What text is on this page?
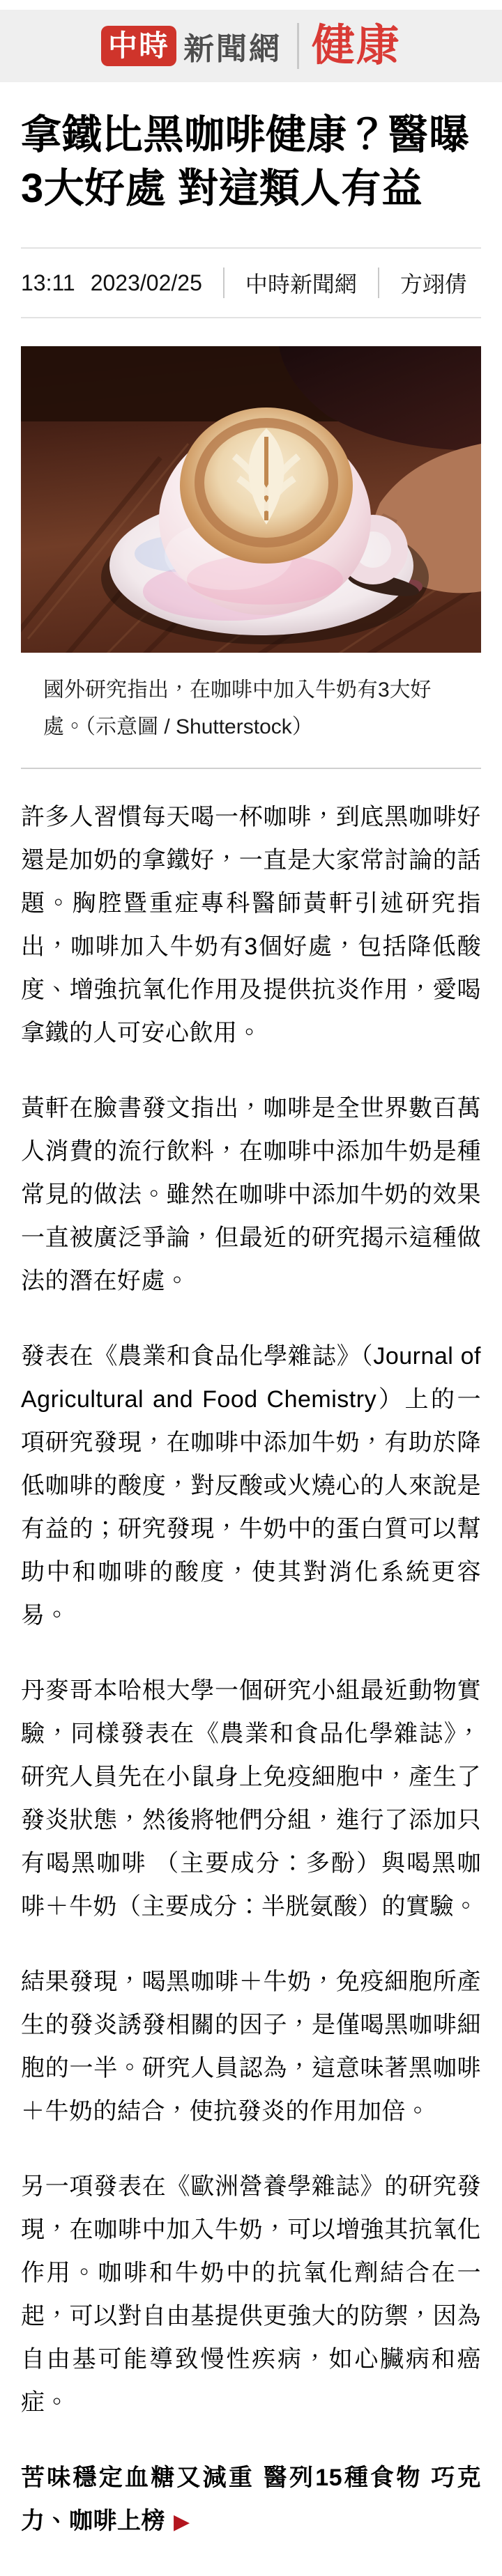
中時 新聞網 健康
拿鐵比黑咖啡健康？醫曝3大好處 對這類人有益
13:11 2023/02/25 中時新聞網 方翊倩
國外研究指出，在咖啡中加入牛奶有3大好處。（示意圖 / Shutterstock）

許多人習慣每天喝一杯咖啡，到底黑咖啡好還是加奶的拿鐵好，一直是大家常討論的話題。胸腔暨重症專科醫師黃軒引述研究指出，咖啡加入牛奶有3個好處，包括降低酸度、增強抗氧化作用及提供抗炎作用，愛喝拿鐵的人可安心飲用。

黃軒在臉書發文指出，咖啡是全世界數百萬人消費的流行飲料，在咖啡中添加牛奶是種常見的做法。雖然在咖啡中添加牛奶的效果一直被廣泛爭論，但最近的研究揭示這種做法的潛在好處。

發表在《農業和食品化學雜誌》（Journal of Agricultural and Food Chemistry）上的一項研究發現，在咖啡中添加牛奶，有助於降低咖啡的酸度，對反酸或火燒心的人來說是有益的；研究發現，牛奶中的蛋白質可以幫助中和咖啡的酸度，使其對消化系統更容易。

丹麥哥本哈根大學一個研究小組最近動物實驗，同樣發表在《農業和食品化學雜誌》，研究人員先在小鼠身上免疫細胞中，產生了發炎狀態，然後將牠們分組，進行了添加只有喝黑咖啡 （主要成分：多酚）與喝黑咖啡＋牛奶（主要成分：半胱氨酸）的實驗。

結果發現，喝黑咖啡＋牛奶，免疫細胞所產生的發炎誘發相關的因子，是僅喝黑咖啡細胞的一半。研究人員認為，這意味著黑咖啡＋牛奶的結合，使抗發炎的作用加倍。

另一項發表在《歐洲營養學雜誌》的研究發現，在咖啡中加入牛奶，可以增強其抗氧化作用。咖啡和牛奶中的抗氧化劑結合在一起，可以對自由基提供更強大的防禦，因為自由基可能導致慢性疾病，如心臟病和癌症。

苦味穩定血糖又減重 醫列15種食物 巧克力、咖啡上榜 ▶
